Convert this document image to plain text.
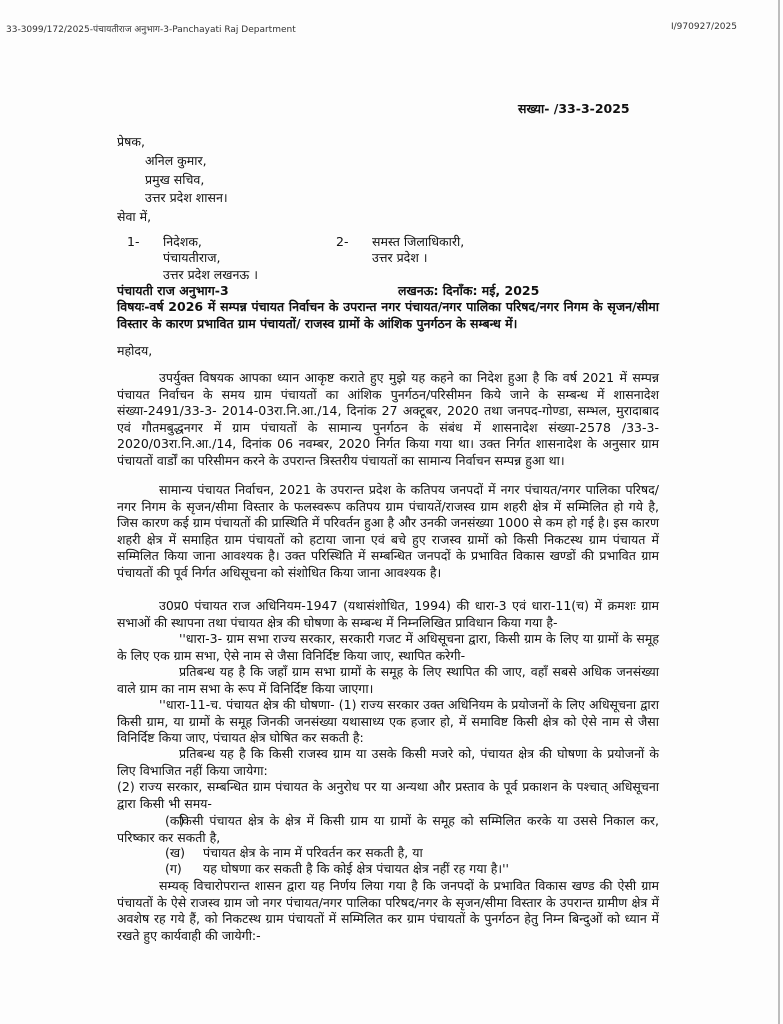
33-3099/172/2025-पंचायतीराज अनुभाग-3-Panchayati Raj Department	I/970927/2025
सख्या- /33-3-2025
प्रेषक,
अनिल कुमार,
प्रमुख सचिव,
उत्तर प्रदेश शासन।
सेवा में,
1- निदेशक,
पंचायतीराज,
उत्तर प्रदेश लखनऊ ।
2- समस्त जिलाधिकारी,
उत्तर प्रदेश ।
पंचायती राज अनुभाग-3	लखनऊ: दिनाँक: मई, 2025
विषयः-वर्ष 2026 में सम्पन्न पंचायत निर्वाचन के उपरान्त नगर पंचायत/नगर पालिका परिषद/नगर निगम के सृजन/सीमा विस्तार के कारण प्रभावित ग्राम पंचायतों/ राजस्व ग्रामों के आंशिक पुनर्गठन के सम्बन्ध में।
महोदय,
उपर्युक्त विषयक आपका ध्यान आकृष्ट कराते हुए मुझे यह कहने का निदेश हुआ है कि वर्ष 2021 में सम्पन्न पंचायत निर्वाचन के समय ग्राम पंचायतों का आंशिक पुनर्गठन/परिसीमन किये जाने के सम्बन्ध में शासनादेश संख्या-2491/33-3- 2014-03रा.नि.आ./14, दिनांक 27 अक्टूबर, 2020 तथा जनपद-गोण्डा, सम्भल, मुरादाबाद एवं गौतमबुद्धनगर में ग्राम पंचायतों के सामान्य पुनर्गठन के संबंध में शासनादेश संख्या-2578 /33-3-2020/03रा.नि.आ./14, दिनांक 06 नवम्बर, 2020 निर्गत किया गया था। उक्त निर्गत शासनादेश के अनुसार ग्राम पंचायतों वार्डों का परिसीमन करने के उपरान्त त्रिस्तरीय पंचायतों का सामान्य निर्वाचन सम्पन्न हुआ था।
सामान्य पंचायत निर्वाचन, 2021 के उपरान्त प्रदेश के कतिपय जनपदों में नगर पंचायत/नगर पालिका परिषद/नगर निगम के सृजन/सीमा विस्तार के फलस्वरूप कतिपय ग्राम पंचायतें/राजस्व ग्राम शहरी क्षेत्र में सम्मिलित हो गये है, जिस कारण कई ग्राम पंचायतों की प्रास्थिति में परिवर्तन हुआ है और उनकी जनसंख्या 1000 से कम हो गई है। इस कारण शहरी क्षेत्र में समाहित ग्राम पंचायतों को हटाया जाना एवं बचे हुए राजस्व ग्रामों को किसी निकटस्थ ग्राम पंचायत में सम्मिलित किया जाना आवश्यक है। उक्त परिस्थिति में सम्बन्धित जनपदों के प्रभावित विकास खण्डों की प्रभावित ग्राम पंचायतों की पूर्व निर्गत अधिसूचना को संशोधित किया जाना आवश्यक है।
उ0प्र0 पंचायत राज अधिनियम-1947 (यथासंशोधित, 1994) की धारा-3 एवं धारा-11(च) में क्रमशः ग्राम सभाओं की स्थापना तथा पंचायत क्षेत्र की घोषणा के सम्बन्ध में निम्नलिखित प्राविधान किया गया है-
''धारा-3- ग्राम सभा राज्य सरकार, सरकारी गजट में अधिसूचना द्वारा, किसी ग्राम के लिए या ग्रामों के समूह के लिए एक ग्राम सभा, ऐसे नाम से जैसा विनिर्दिष्ट किया जाए, स्थापित करेगी-
प्रतिबन्ध यह है कि जहाँ ग्राम सभा ग्रामों के समूह के लिए स्थापित की जाए, वहाँ सबसे अधिक जनसंख्या वाले ग्राम का नाम सभा के रूप में विनिर्दिष्ट किया जाएगा।
''धारा-11-च. पंचायत क्षेत्र की घोषणा- (1) राज्य सरकार उक्त अधिनियम के प्रयोजनों के लिए अधिसूचना द्वारा किसी ग्राम, या ग्रामों के समूह जिनकी जनसंख्या यथासाध्य एक हजार हो, में समाविष्ट किसी क्षेत्र को ऐसे नाम से जैसा विनिर्दिष्ट किया जाए, पंचायत क्षेत्र घोषित कर सकती है:
प्रतिबन्ध यह है कि किसी राजस्व ग्राम या उसके किसी मजरे को, पंचायत क्षेत्र की घोषणा के प्रयोजनों के लिए विभाजित नहीं किया जायेगा:
(2) राज्य सरकार, सम्बन्धित ग्राम पंचायत के अनुरोध पर या अन्यथा और प्रस्ताव के पूर्व प्रकाशन के पश्चात् अधिसूचना द्वारा किसी भी समय-
(क)
किसी पंचायत क्षेत्र के क्षेत्र में किसी ग्राम या ग्रामों के समूह को सम्मिलित करके या उससे निकाल कर, परिष्कार कर सकती है,
(ख) पंचायत क्षेत्र के नाम में परिवर्तन कर सकती है, या
(ग) यह घोषणा कर सकती है कि कोई क्षेत्र पंचायत क्षेत्र नहीं रह गया है।''
सम्यक् विचारोपरान्त शासन द्वारा यह निर्णय लिया गया है कि जनपदों के प्रभावित विकास खण्ड की ऐसी ग्राम पंचायतों के ऐसे राजस्व ग्राम जो नगर पंचायत/नगर पालिका परिषद/नगर के सृजन/सीमा विस्तार के उपरान्त ग्रामीण क्षेत्र में अवशेष रह गये हैं, को निकटस्थ ग्राम पंचायतों में सम्मिलित कर ग्राम पंचायतों के पुनर्गठन हेतु निम्न बिन्दुओं को ध्यान में रखते हुए कार्यवाही की जायेगी:-
